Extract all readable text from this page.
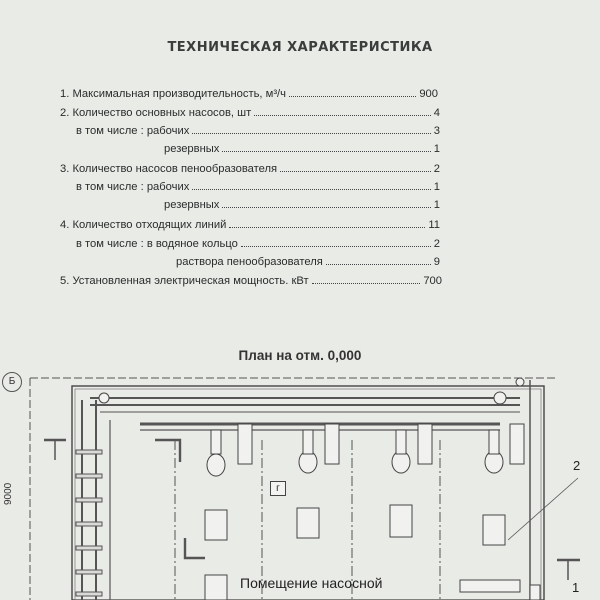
ТЕХНИЧЕСКАЯ ХАРАКТЕРИСТИКА
1. Максимальная производительность, м³/ч	900
2. Количество основных насосов, шт	4
в том числе : рабочих	3
резервных	1
3. Количество насосов пенообразователя	2
в том числе : рабочих	1
резервных	1
4. Количество отходящих линий	11
в том числе : в водяное кольцо	2
раствора пенообразователя	9
5. Установленная электрическая мощность. кВт	700
План на отм. 0,000
Б
9000	г
Помещение насосной
2
1
